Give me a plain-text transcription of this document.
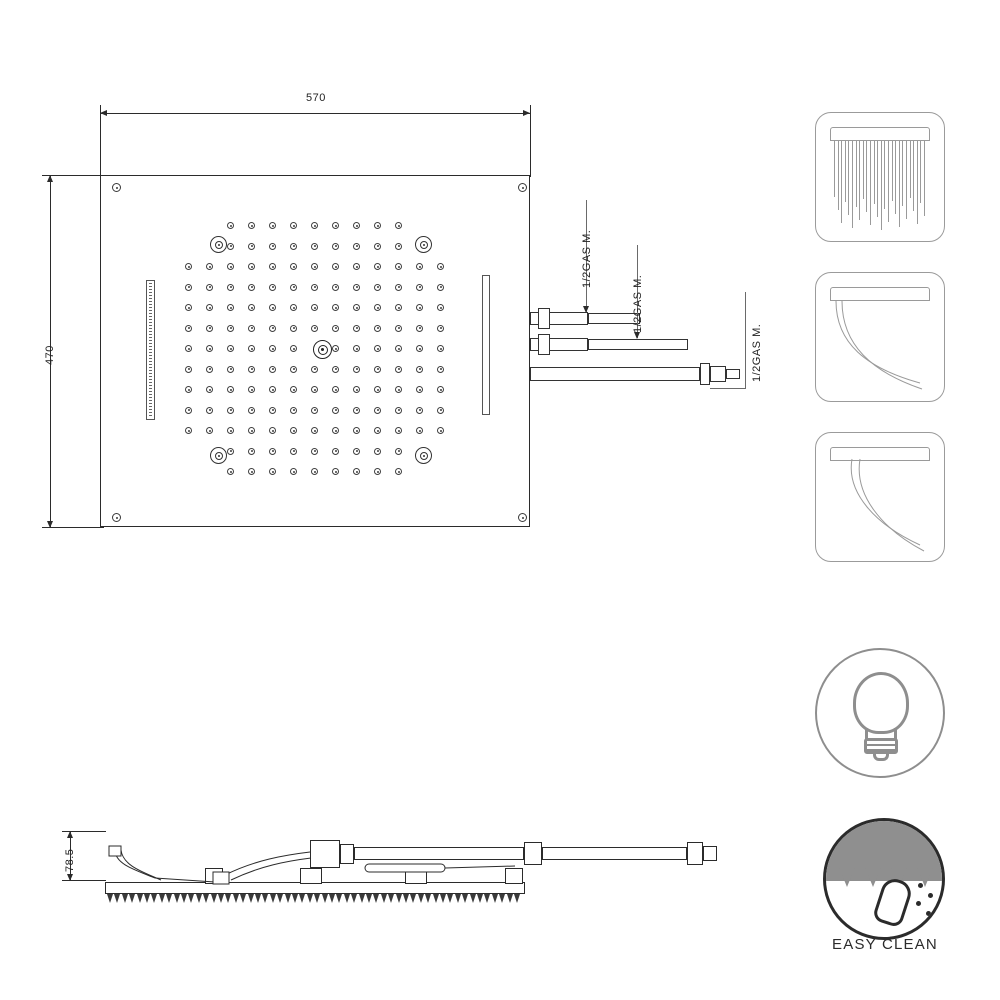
570
470
1/2GAS M.
1/2GAS M.
1/2GAS M.
EASY CLEAN
78.5
